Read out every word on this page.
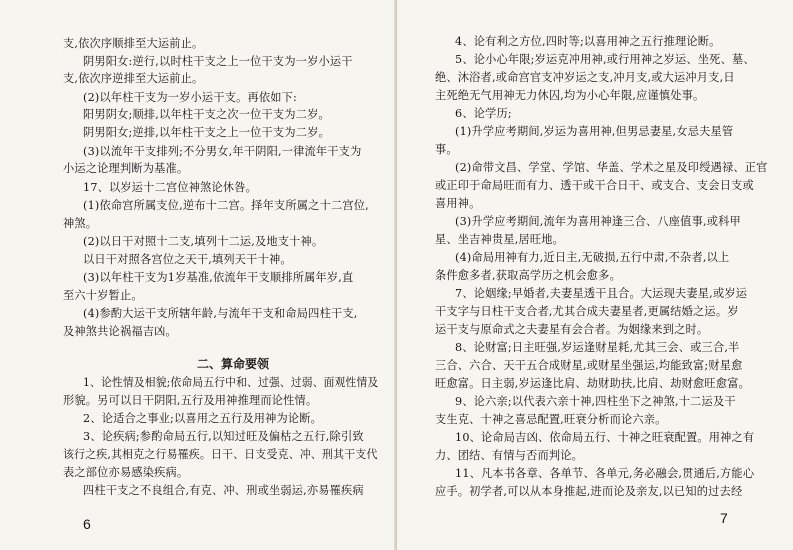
支,依次序顺排至大运前止。
阴男阳女:逆行,以时柱干支之上一位干支为一岁小运干
支,依次序逆排至大运前止。
(2)以年柱干支为一岁小运干支。再依如下:
阳男阴女;顺排,以年柱干支之次一位干支为二岁。
阴男阳女;逆排,以年柱干支之上一位干支为二岁。
(3)以流年干支排列;不分男女,年干阴阳,一律流年干支为
小运之论理判断为基准。
17、以岁运十二宫位神煞论休咎。
(1)依命宫所属支位,逆布十二宫。择年支所属之十二宫位,
神煞。
(2)以日干对照十二支,填列十二运,及地支十神。
以日干对照各宫位之天干,填列天干十神。
(3)以年柱干支为1岁基准,依流年干支顺排所属年岁,直
至六十岁暂止。
(4)参酌大运干支所辖年龄,与流年干支和命局四柱干支,
及神煞共论祸福吉凶。
二、算命要领
1、论性情及相貌;依命局五行中和、过强、过弱、面观性情及
形貌。另可以日干阴阳,五行及用神推理而论性情。
2、论适合之事业;以喜用之五行及用神为论断。
3、论疾病;参酌命局五行,以知过旺及偏枯之五行,除引致
该行之疾,其相克之行易罹疾。日干、日支受克、冲、刑其干支代
表之部位亦易感染疾病。
四柱干支之不良组合,有克、冲、刑或坐弱运,亦易罹疾病
6
4、论有利之方位,四时等;以喜用神之五行推理论断。
5、论小心年限;岁运克冲用神,或行用神之岁运、坐死、墓、
绝、沐浴者,或命宫官支冲岁运之支,冲月支,或大运冲月支,日
主死绝无气用神无力休囚,均为小心年限,应谨慎处事。
6、论学历;
(1)升学应考期间,岁运为喜用神,但男忌妻星,女忌夫星管
事。
(2)命带文昌、学堂、学馆、华盖、学术之星及印绶遇禄、正官
或正印于命局旺而有力、透干或干合日干、或支合、支会日支或
喜用神。
(3)升学应考期间,流年为喜用神逢三合、八座值事,或科甲
星、坐吉神贵星,居旺地。
(4)命局用神有力,近日主,无破损,五行中肃,不杂者,以上
条件愈多者,获取高学历之机会愈多。
7、论姻缘;早婚者,夫妻星透干且合。大运现夫妻星,或岁运
干支字与日柱干支合者,尤其合成夫妻星者,更属结婚之运。岁
运干支与原命式之夫妻星有会合者。为姻缘来到之时。
8、论财富;日主旺强,岁运逢财星耗,尤其三会、或三合,半
三合、六合、天干五合成财星,或财星坐强运,均能致富;财星愈
旺愈富。日主弱,岁运逢比肩、劫财助扶,比肩、劫财愈旺愈富。
9、论六亲;以代表六亲十神,四柱坐下之神煞,十二运及干
支生克、十神之喜忌配置,旺衰分析而论六亲。
10、论命局吉凶、依命局五行、十神之旺衰配置。用神之有
力、团结、有情与否而判论。
11、凡本书各章、各单节、各单元,务必融会,贯通后,方能心
应手。初学者,可以从本身推起,进而论及亲友,以已知的过去经
7
